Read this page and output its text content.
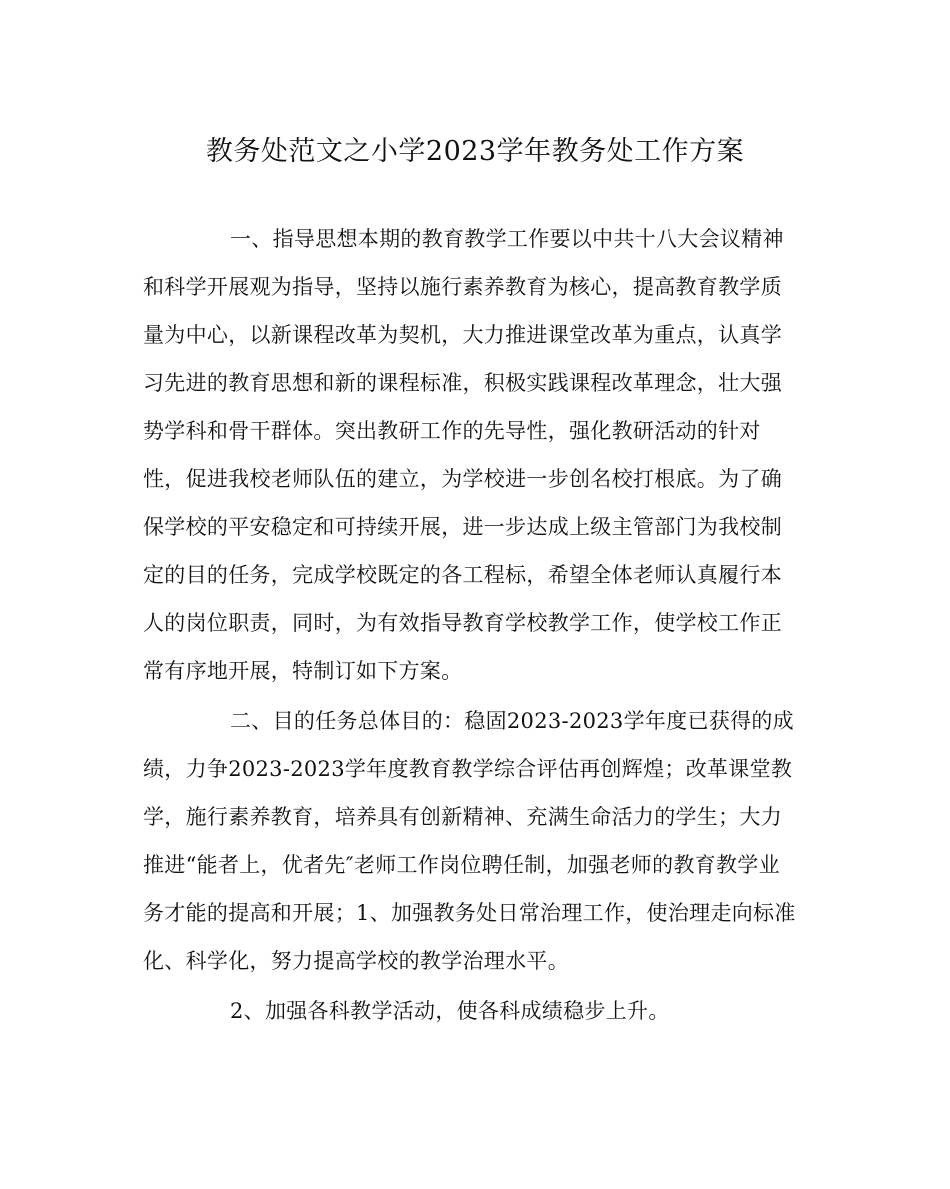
教务处范文之小学2023学年教务处工作方案
一、指导思想本期的教育教学工作要以中共十八大会议精神
和科学开展观为指导，坚持以施行素养教育为核心，提高教育教学质
量为中心，以新课程改革为契机，大力推进课堂改革为重点，认真学
习先进的教育思想和新的课程标准，积极实践课程改革理念，壮大强
势学科和骨干群体。突出教研工作的先导性，强化教研活动的针对
性，促进我校老师队伍的建立，为学校进一步创名校打根底。为了确
保学校的平安稳定和可持续开展，进一步达成上级主管部门为我校制
定的目的任务，完成学校既定的各工程标，希望全体老师认真履行本
人的岗位职责，同时，为有效指导教育学校教学工作，使学校工作正
常有序地开展，特制订如下方案。
二、目的任务总体目的：稳固2023-2023学年度已获得的成
绩，力争2023-2023学年度教育教学综合评估再创辉煌；改革课堂教
学，施行素养教育，培养具有创新精神、充满生命活力的学生；大力
推进“能者上，优者先″老师工作岗位聘任制，加强老师的教育教学业
务才能的提高和开展；1、加强教务处日常治理工作，使治理走向标准
化、科学化，努力提高学校的教学治理水平。
2、加强各科教学活动，使各科成绩稳步上升。
